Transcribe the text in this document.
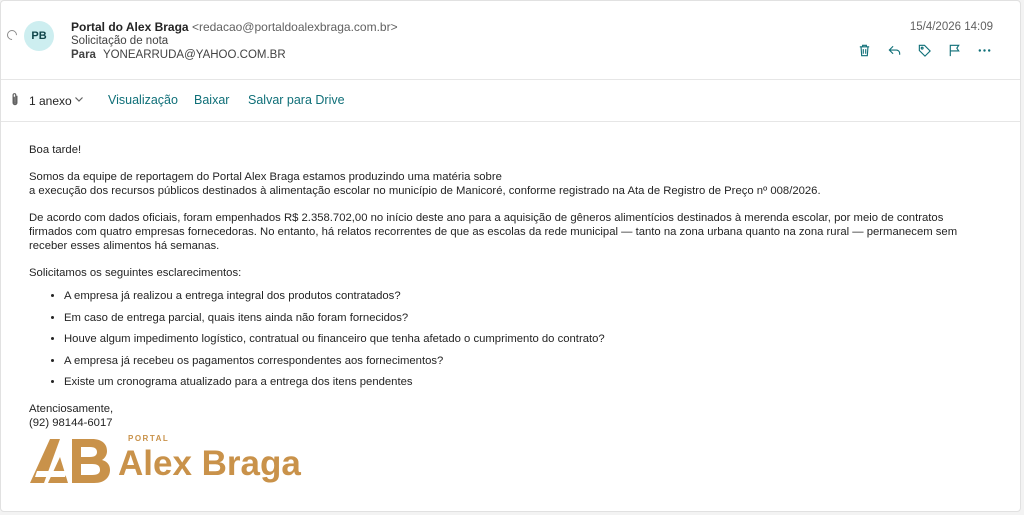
PB
Portal do Alex Braga <redacao@portaldoalexbraga.com.br>
Solicitação de nota
Para YONEARRUDA@YAHOO.COM.BR
15/4/2026 14:09
1 anexo	Visualização Baixar Salvar para Drive

Boa tarde!

Somos da equipe de reportagem do Portal Alex Braga estamos produzindo uma matéria sobre

a execução dos recursos públicos destinados à alimentação escolar no município de Manicoré, conforme registrado na Ata de Registro de Preço nº 008/2026.

De acordo com dados oficiais, foram empenhados R$ 2.358.702,00 no início deste ano para a aquisição de gêneros alimentícios destinados à merenda escolar, por meio de contratos firmados com quatro empresas fornecedoras. No entanto, há relatos recorrentes de que as escolas da rede municipal — tanto na zona urbana quanto na zona rural — permanecem sem receber esses alimentos há semanas.

Solicitamos os seguintes esclarecimentos:

• A empresa já realizou a entrega integral dos produtos contratados?
• Em caso de entrega parcial, quais itens ainda não foram fornecidos?
• Houve algum impedimento logístico, contratual ou financeiro que tenha afetado o cumprimento do contrato?
• A empresa já recebeu os pagamentos correspondentes aos fornecimentos?
• Existe um cronograma atualizado para a entrega dos itens pendentes

Atenciosamente,

(92) 98144-6017

PORTAL
Alex Braga
